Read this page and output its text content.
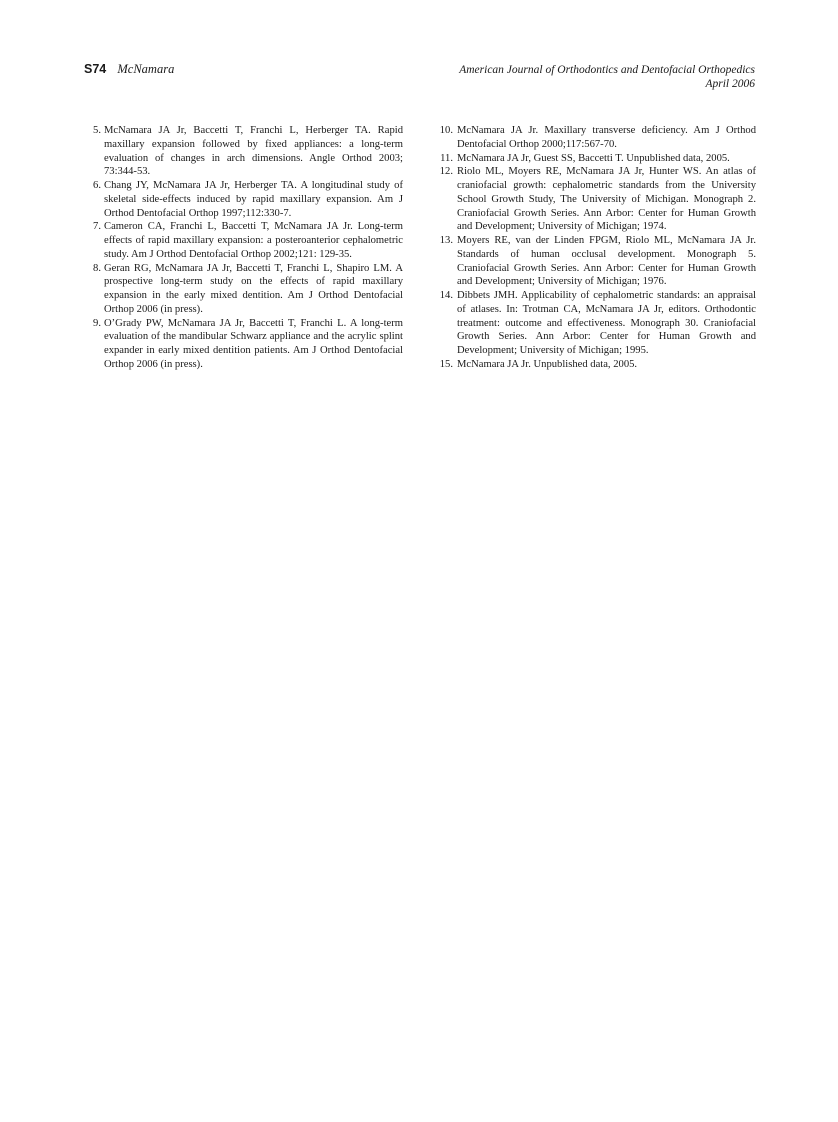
S74 McNamara	American Journal of Orthodontics and Dentofacial Orthopedics
April 2006
5. McNamara JA Jr, Baccetti T, Franchi L, Herberger TA. Rapid maxillary expansion followed by fixed appliances: a long-term evaluation of changes in arch dimensions. Angle Orthod 2003; 73:344-53.
6. Chang JY, McNamara JA Jr, Herberger TA. A longitudinal study of skeletal side-effects induced by rapid maxillary expansion. Am J Orthod Dentofacial Orthop 1997;112:330-7.
7. Cameron CA, Franchi L, Baccetti T, McNamara JA Jr. Long-term effects of rapid maxillary expansion: a posteroanterior cephalometric study. Am J Orthod Dentofacial Orthop 2002;121: 129-35.
8. Geran RG, McNamara JA Jr, Baccetti T, Franchi L, Shapiro LM. A prospective long-term study on the effects of rapid maxillary expansion in the early mixed dentition. Am J Orthod Dentofacial Orthop 2006 (in press).
9. O’Grady PW, McNamara JA Jr, Baccetti T, Franchi L. A long-term evaluation of the mandibular Schwarz appliance and the acrylic splint expander in early mixed dentition patients. Am J Orthod Dentofacial Orthop 2006 (in press).
10. McNamara JA Jr. Maxillary transverse deficiency. Am J Orthod Dentofacial Orthop 2000;117:567-70.
11. McNamara JA Jr, Guest SS, Baccetti T. Unpublished data, 2005.
12. Riolo ML, Moyers RE, McNamara JA Jr, Hunter WS. An atlas of craniofacial growth: cephalometric standards from the University School Growth Study, The University of Michigan. Monograph 2. Craniofacial Growth Series. Ann Arbor: Center for Human Growth and Development; University of Michigan; 1974.
13. Moyers RE, van der Linden FPGM, Riolo ML, McNamara JA Jr. Standards of human occlusal development. Monograph 5. Craniofacial Growth Series. Ann Arbor: Center for Human Growth and Development; University of Michigan; 1976.
14. Dibbets JMH. Applicability of cephalometric standards: an appraisal of atlases. In: Trotman CA, McNamara JA Jr, editors. Orthodontic treatment: outcome and effectiveness. Monograph 30. Craniofacial Growth Series. Ann Arbor: Center for Human Growth and Development; University of Michigan; 1995.
15. McNamara JA Jr. Unpublished data, 2005.
